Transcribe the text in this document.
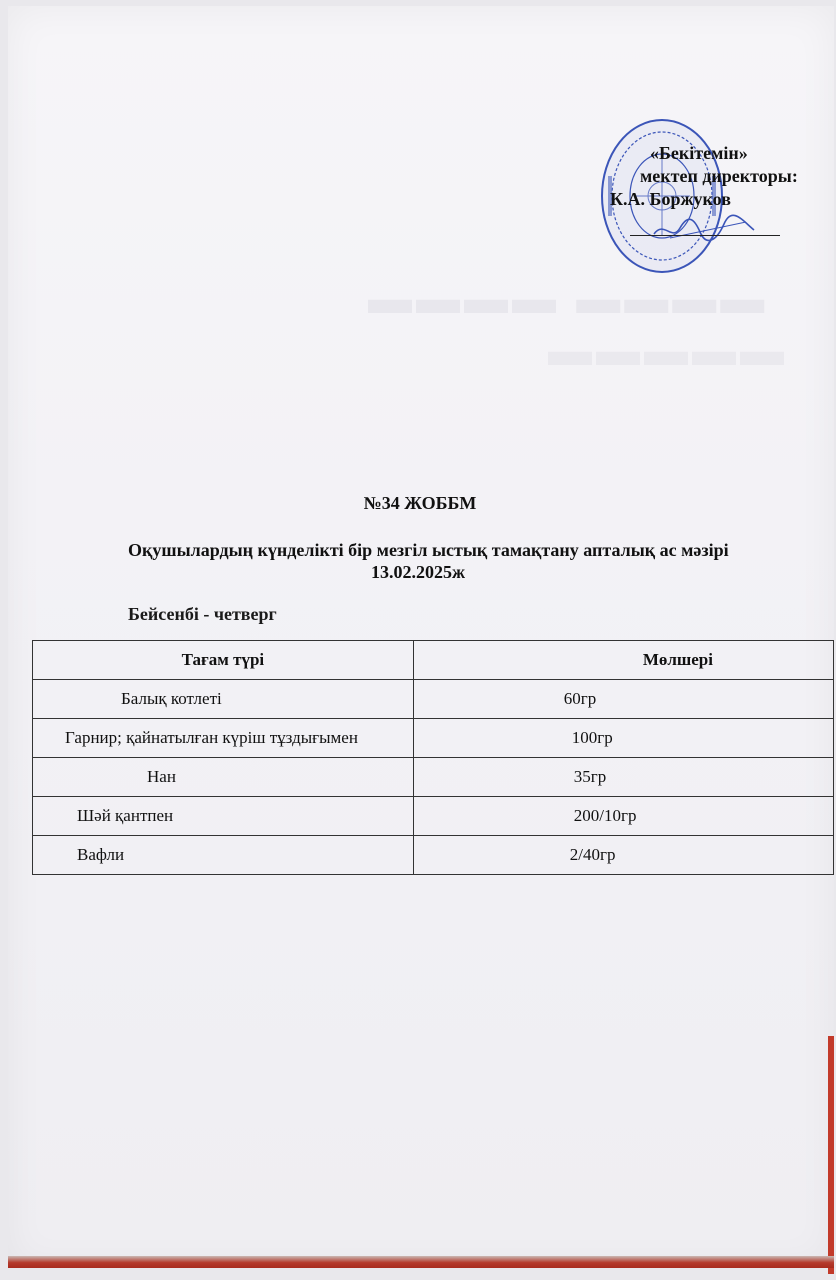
▬▬▬▬ ▬▬▬▬
▬▬▬▬▬
«Бекітемін»
мектеп директоры:
К.А. Боржуков
№34 ЖОББМ
Оқушылардың күнделікті бір мезгіл ыстық тамақтану апталық ас мәзірі
13.02.2025ж
Бейсенбі - четверг
Тағам түрі	Мөлшері
Балық котлеті	60гр
Гарнир; қайнатылған күріш тұздығымен	100гр
Нан	35гр
Шәй қантпен	200/10гр
Вафли	2/40гр
